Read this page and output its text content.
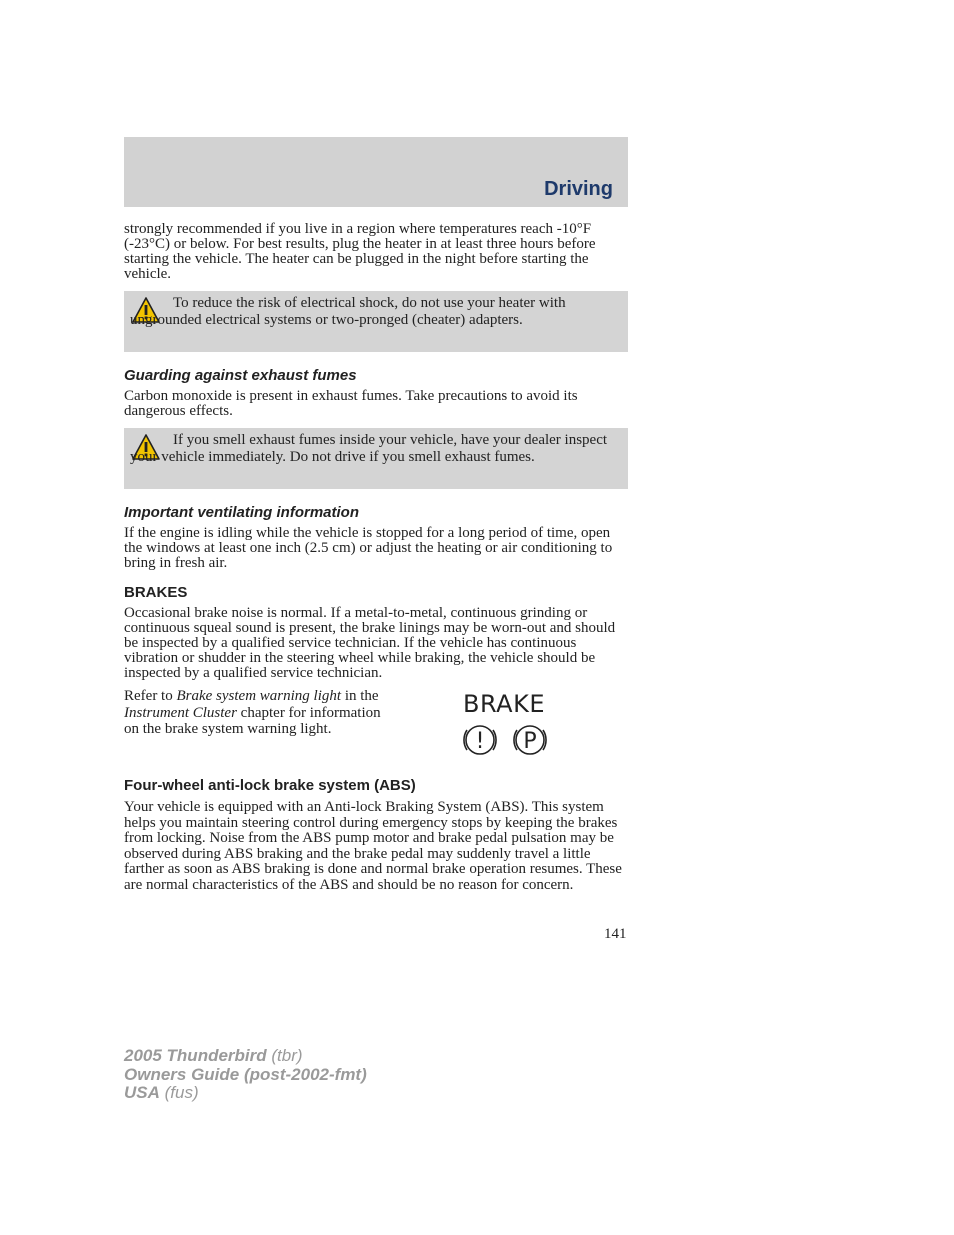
Driving
strongly recommended if you live in a region where temperatures reach -10°F (-23°C) or below. For best results, plug the heater in at least three hours before starting the vehicle. The heater can be plugged in the night before starting the vehicle.
To reduce the risk of electrical shock, do not use your heater with ungrounded electrical systems or two-pronged (cheater) adapters.
Guarding against exhaust fumes
Carbon monoxide is present in exhaust fumes. Take precautions to avoid its dangerous effects.
If you smell exhaust fumes inside your vehicle, have your dealer inspect your vehicle immediately. Do not drive if you smell exhaust fumes.
Important ventilating information
If the engine is idling while the vehicle is stopped for a long period of time, open the windows at least one inch (2.5 cm) or adjust the heating or air conditioning to bring in fresh air.
BRAKES
Occasional brake noise is normal. If a metal-to-metal, continuous grinding or continuous squeal sound is present, the brake linings may be worn-out and should be inspected by a qualified service technician. If the vehicle has continuous vibration or shudder in the steering wheel while braking, the vehicle should be inspected by a qualified service technician.
Refer to Brake system warning light in the Instrument Cluster chapter for information on the brake system warning light.
BRAKE
! P
Four-wheel anti-lock brake system (ABS)
Your vehicle is equipped with an Anti-lock Braking System (ABS). This system helps you maintain steering control during emergency stops by keeping the brakes from locking. Noise from the ABS pump motor and brake pedal pulsation may be observed during ABS braking and the brake pedal may suddenly travel a little farther as soon as ABS braking is done and normal brake operation resumes. These are normal characteristics of the ABS and should be no reason for concern.
141
2005 Thunderbird (tbr)
Owners Guide (post-2002-fmt)
USA (fus)
